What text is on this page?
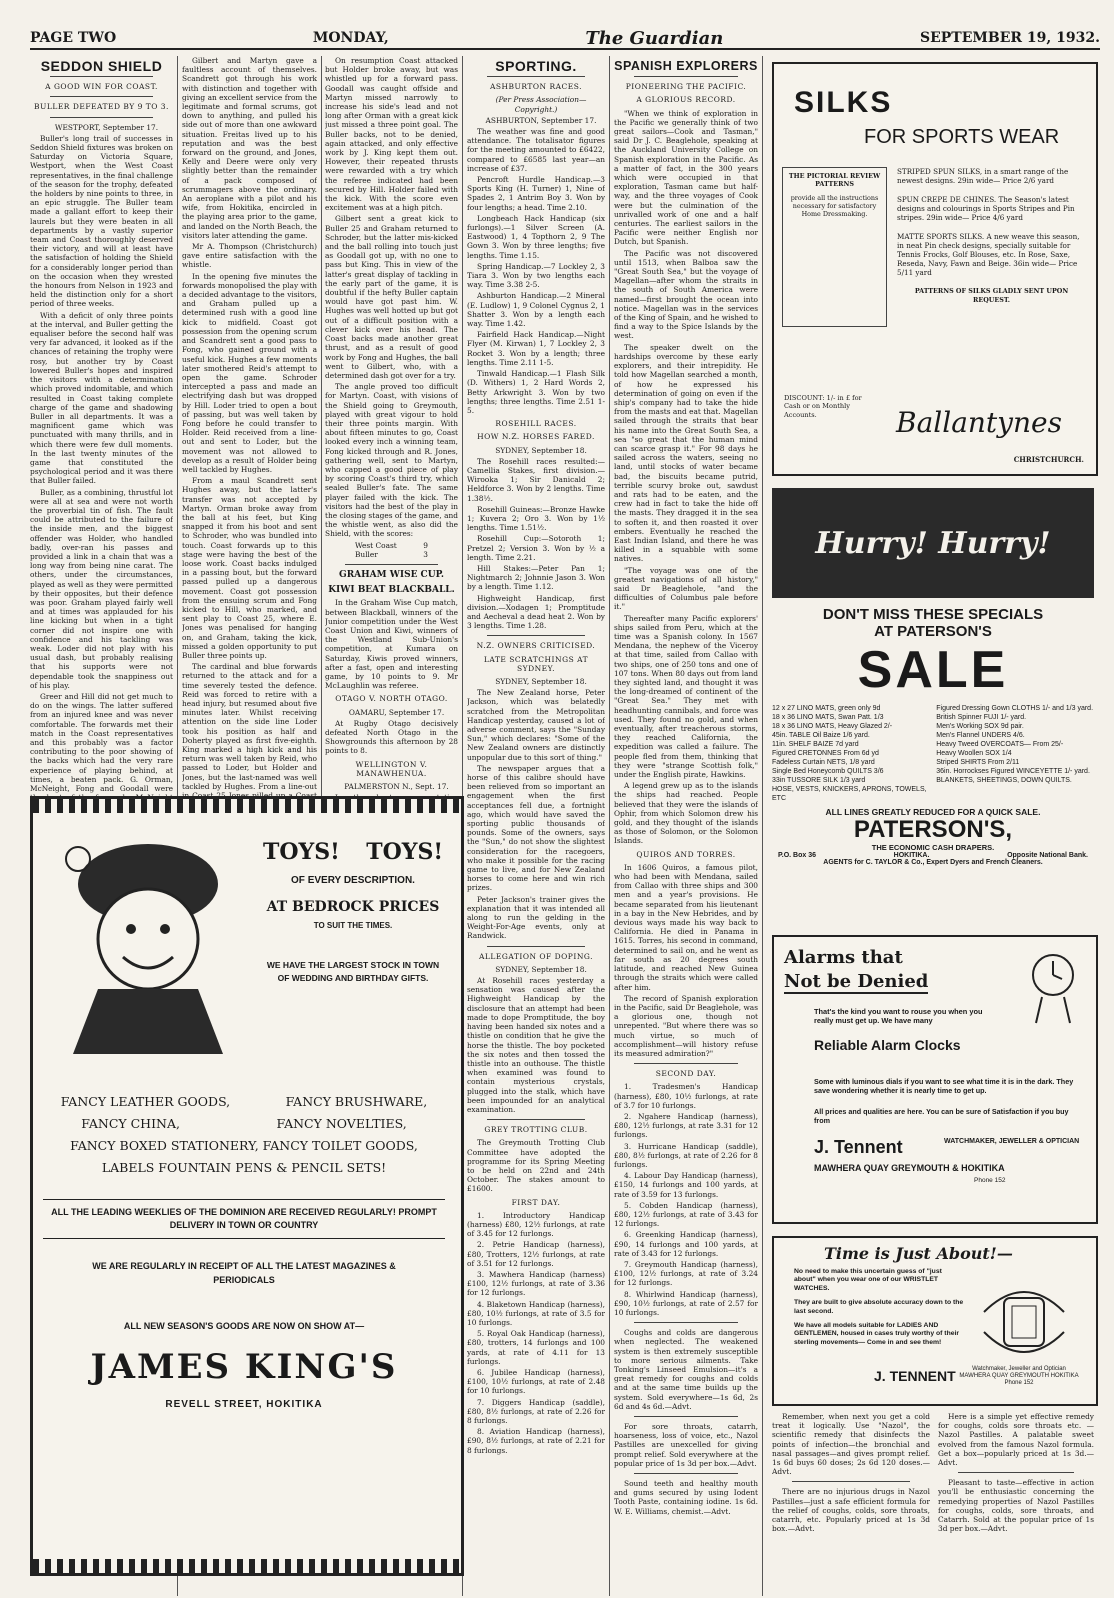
PAGE TWO	MONDAY,	The Guardian	SEPTEMBER 19, 1932.
SEDDON SHIELD
A GOOD WIN FOR COAST.
BULLER DEFEATED BY 9 TO 3.

WESTPORT, September 17.

Buller's long trail of successes in Seddon Shield fixtures was broken on Saturday on Victoria Square, Westport, when the West Coast representatives, in the final challenge of the season for the trophy, defeated the holders by nine points to three, in an epic struggle. The Buller team made a gallant effort to keep their laurels but they were beaten in all departments by a vastly superior team and Coast thoroughly deserved their victory, and will at least have the satisfaction of holding the Shield for a considerably longer period than on the occasion when they wrested the honours from Nelson in 1923 and held the distinction only for a short period of three weeks.

With a deficit of only three points at the interval, and Buller getting the equaliser before the second half was very far advanced, it looked as if the chances of retaining the trophy were rosy, but another try by Coast lowered Buller's hopes and inspired the visitors with a determination which proved indomitable, and which resulted in Coast taking complete charge of the game and shadowing Buller in all departments. It was a magnificent game which was punctuated with many thrills, and in which there were few dull moments. In the last twenty minutes of the game that constituted the psychological period and it was there that Buller failed.

Buller, as a combining, thrustful lot were all at sea and were not worth the proverbial tin of fish. The fault could be attributed to the failure of the inside men, and the biggest offender was Holder, who handled badly, over-ran his passes and provided a link in a chain that was a long way from being nine carat. The others, under the circumstances, played as well as they were permitted by their opposites, but their defence was poor. Graham played fairly well and at times was applauded for his line kicking but when in a tight corner did not inspire one with confidence and his tackling was weak. Loder did not play with his usual dash, but probably realising that his supports were not dependable took the snappiness out of his play.

Greer and Hill did not get much to do on the wings. The latter suffered from an injured knee and was never comfortable. The forwards met their match in the Coast representatives and this probably was a factor contributing to the poor showing of the backs which had the very rare experience of playing behind, at times, a beaten pack. G. Orman, McNeight, Fong and Goodall were

Gilbert and Martyn gave a faultless account of themselves. Scandrett got through his work with distinction and together with giving an excellent service from the legitimate and formal scrums, got down to anything, and pulled his side out of more than one awkward situation. Freitas lived up to his reputation and was the best forward on the ground, and Jones, Kelly and Deere were only very slightly better than the remainder of a pack composed of scrummagers above the ordinary. An aeroplane with a pilot and his wife, from Hokitika, encircled in the playing area prior to the game, and landed on the North Beach, the visitors later attending the game.

Mr A. Thompson (Christchurch) gave entire satisfaction with the whistle.

In the opening five minutes the forwards monopolised the play with a decided advantage to the visitors, and Graham pulled up a determined rush with a good line kick to midfield. Coast got possession from the opening scrum and Scandrett sent a good pass to Fong, who gained ground with a useful kick. Hughes a few moments later smothered Reid's attempt to open the game. Schroder intercepted a pass and made an electrifying dash but was dropped by Hill. Loder tried to open a bout of passing, but was well taken by Fong before he could transfer to Holder. Reid received from a line-out and sent to Loder, but the movement was not allowed to develop as a result of Holder being well tackled by Hughes.

From a maul Scandrett sent Hughes away, but the latter's transfer was not accepted by Martyn. Orman broke away from the ball at his feet, but King snapped it from his boot and sent to Schroder, who was bundled into touch. Coast forwards up to this stage were having the best of the loose work. Coast backs indulged in a passing bout, but the forward passed pulled up a dangerous movement. Coast got possession from the ensuing scrum and Fong kicked to Hill, who marked, and sent play to Coast 25, where E. Jones was penalised for hanging on, and Graham, taking the kick, missed a golden opportunity to put Buller three points up.

The cardinal and blue forwards returned to the attack and for a time severely tested the defence. Reid was forced to retire with a head injury, but resumed about five minutes later. Whilst receiving attention on the side line Loder took his position as half and Doherty played as first five-eighth. King marked a high kick and his return was well taken by Reid, who passed to Loder, but Holder and Jones, but the last-named was well tackled by Hughes. From a line-out

On resumption Coast attacked but Holder broke away, but was whistled up for a forward pass. Goodall was caught offside and Martyn missed narrowly to increase his side's lead and not long after Orman with a great kick just missed a three point goal. The Buller backs, not to be denied, again attacked, and only effective work by J. King kept them out. However, their repeated thrusts were rewarded with a try which the referee indicated had been secured by Hill. Holder failed with the kick. With the score even excitement was at a high pitch.

Gilbert sent a great kick to Buller 25 and Graham returned to Schroder, but the latter mis-kicked and the ball rolling into touch just as Goodall got up, with no one to pass but King. This in view of the latter's great display of tackling in the early part of the game, it is doubtful if the hefty Buller captain would have got past him. W. Hughes was well hotted up but got out of a difficult position with a clever kick over his head. The Coast backs made another great thrust, and as a result of good work by Fong and Hughes, the ball went to Gilbert, who, with a determined dash got over for a try.

The angle proved too difficult for Martyn. Coast, with visions of the Shield going to Greymouth, played with great vigour to hold their three points margin. With about fifteen minutes to go, Coast looked every inch a winning team, Fong kicked through and R. Jones, gathering well, sent to Martyn, who capped a good piece of play by scoring Coast's third try, which sealed Buller's fate. The same player failed with the kick. The visitors had the best of the play in the closing stages of the game, and the whistle went, as also did the Shield, with the scores:

West Coast	9
Buller	3
GRAHAM WISE CUP.
KIWI BEAT BLACKBALL.

In the Graham Wise Cup match, between Blackball, winners of the Junior competition under the West Coast Union and Kiwi, winners of the Westland Sub-Union's competition, at Kumara on Saturday, Kiwis proved winners, after a fast, open and interesting game, by 10 points to 9. Mr McLaughlin was referee.

OTAGO V. NORTH OTAGO.

OAMARU, September 17.

At Rugby Otago decisively defeated North Otago in the Showgrounds this afternoon by 28 points to 8.

WELLINGTON V. MANAWHENUA.

PALMERSTON N., Sept. 17.

SPORTING.
ASHBURTON RACES.

(Per Press Association—Copyright.)

ASHBURTON, September 17.

The weather was fine and good attendance. The totalisator figures for the meeting amounted to £6422, compared to £6585 last year—an increase of £37.

Pencroft Hurdle Handicap.—3 Sports King (H. Turner) 1, Nine of Spades 2, 1 Antrim Boy 3. Won by four lengths; a head. Time 2.10.

Longbeach Hack Handicap (six furlongs).—1 Silver Screen (A. Eastwood) 1, 4 Topthorn 2, 9 The Gown 3. Won by three lengths; five lengths. Time 1.15.

Spring Handicap.—7 Lockley 2, 3 Tiara 3. Won by two lengths each way. Time 3.38 2-5.

Ashburton Handicap.—2 Mineral (E. Ludlow) 1, 9 Colonel Cygnus 2, 1 Shatter 3. Won by a length each way. Time 1.42.

Fairfield Hack Handicap.—Night Flyer (M. Kirwan) 1, 7 Lockley 2, 3 Rocket 3. Won by a length; three lengths. Time 2.11 1-5.

Tinwald Handicap.—1 Flash Silk (D. Withers) 1, 2 Hard Words 2, Betty Arkwright 3. Won by two lengths; three lengths. Time 2.51 1-5.

ROSEHILL RACES.
HOW N.Z. HORSES FARED.

SYDNEY, September 18.

The Rosehill races resulted:— Camellia Stakes, first division.—Wirooka 1; Sir Danicald 2; Heldforce 3. Won by 2 lengths. Time 1.38½.

Rosehill Guineas:—Bronze Hawke 1; Kuvera 2; Oro 3. Won by 1½ lengths. Time 1.51½.

Rosehill Cup:—Sotoroth 1; Pretzel 2; Version 3. Won by ½ a length. Time 2.21.

Hill Stakes:—Peter Pan 1; Nightmarch 2; Johnnie Jason 3. Won by a length. Time 1.12.

Highweight Handicap, first division.—Xodagen 1; Promptitude and Aecheval a dead heat 2. Won by 3 lengths. Time 1.28.

N.Z. OWNERS CRITICISED.
LATE SCRATCHINGS AT SYDNEY.

SYDNEY, September 18.

The New Zealand horse, Peter Jackson, which was belatedly scratched from the Metropolitan Handicap yesterday, caused a lot of adverse comment, says the "Sunday Sun," which declares: "Some of the New Zealand owners are distinctly unpopular due to this sort of thing."

The newspaper argues that a horse of this calibre should have been relieved from so important an engagement when the first acceptances fell due, a fortnight ago, which would have saved the sporting public thousands of pounds. Some of the owners, says the "Sun," do not show the slightest consideration for the racegoers, who make it possible for the racing game to live, and for New Zealand horses to come here and win rich prizes.

Peter Jackson's trainer gives the explanation that it was intended all along to run the gelding in the Weight-For-Age events, only at Randwick.

ALLEGATION OF DOPING.

SYDNEY, September 18.

At Rosehill races yesterday a sensation was caused after the Highweight Handicap by the disclosure that an attempt had been made to dope Promptitude, the boy having been handed six notes and a thistle on condition that he give the horse the thistle. The boy pocketed the six notes and then tossed the thistle into an outhouse. The thistle when examined was found to contain mysterious crystals, plugged into the stalk, which have been impounded for an analytical examination.

GREY TROTTING CLUB.

The Greymouth Trotting Club Committee have adopted the programme for its Spring Meeting to be held on 22nd and 24th October. The stakes amount to £1600.

FIRST DAY.

1. Introductory Handicap (harness) £80, 12½ furlongs, at rate of 3.45 for 12 furlongs.

2. Petrie Handicap (harness), £80, Trotters, 12½ furlongs, at rate of 3.51 for 12 furlongs.

3. Mawhera Handicap (harness) £100, 12½ furlongs, at rate of 3.36 for 12 furlongs.

4. Blaketown Handicap (harness), £80, 10½ furlongs, at rate of 3.5 for 10 furlongs.

5. Royal Oak Handicap (harness), £80, trotters, 14 furlongs and 100 yards, at rate of 4.11 for 13 furlongs.

6. Jubilee Handicap (harness), £100, 10½ furlongs, at rate of 2.48 for 10 furlongs.

7. Diggers Handicap (saddle), £80, 8½ furlongs, at rate of 2.26 for 8 furlongs.

8. Aviation Handicap (harness), £90, 8½ furlongs, at rate of 2.21 for 8 furlongs.

SPANISH EXPLORERS
PIONEERING THE PACIFIC.
A GLORIOUS RECORD.

"When we think of exploration in the Pacific we generally think of two great sailors—Cook and Tasman," said Dr J. C. Beaglehole, speaking at the Auckland University College on Spanish exploration in the Pacific. As a matter of fact, in the 300 years which were occupied in that exploration, Tasman came but half-way, and the three voyages of Cook were but the culmination of the unrivalled work of one and a half centuries. The earliest sailors in the Pacific were neither English nor Dutch, but Spanish.

The Pacific was not discovered until 1513, when Balboa saw the "Great South Sea," but the voyage of Magellan—after whom the straits in the south of South America were named—first brought the ocean into notice. Magellan was in the services of the King of Spain, and he wished to find a way to the Spice Islands by the west.

The speaker dwelt on the hardships overcome by these early explorers, and their intrepidity. He told how Magellan searched a month, of how he expressed his determination of going on even if the ship's company had to take the hide from the masts and eat that. Magellan sailed through the straits that bear his name into the Great South Sea, a sea "so great that the human mind can scarce grasp it." For 98 days he sailed across the waters, seeing no land, until stocks of water became bad, the biscuits became putrid, terrible scurvy broke out, sawdust and rats had to be eaten, and the crew had in fact to take the hide off the masts. They dragged it in the sea to soften it, and then roasted it over embers. Eventually he reached the East Indian Island, and there he was killed in a squabble with some natives.

"The voyage was one of the greatest navigations of all history," said Dr Beaglehole, "and the difficulties of Columbus pale before it."

Thereafter many Pacific explorers' ships sailed from Peru, which at the time was a Spanish colony. In 1567 Mendana, the nephew of the Viceroy at that time, sailed from Callao with two ships, one of 250 tons and one of 107 tons. When 80 days out from land they sighted land, and thought it was the long-dreamed of continent of the "Great Sea." They met with headhunting cannibals, and force was used. They found no gold, and when eventually, after treacherous storms, they reached California, the expedition was called a failure. The people fled from them, thinking that they were "strange Scottish folk," under the English pirate, Hawkins.

A legend grew up as to the islands the ships had reached. People believed that they were the islands of Ophir, from which Solomon drew his gold, and they thought of the islands as those of Solomon, or the Solomon Islands.

QUIROS AND TORRES.

In 1606 Quiros, a famous pilot, who had been with Mendana, sailed from Callao with three ships and 300 men and a year's provisions. He became separated from his lieutenant in a bay in the New Hebrides, and by devious ways made his way back to California. He died in Panama in 1615. Torres, his second in command, determined to sail on, and he went as far south as 20 degrees south latitude, and reached New Guinea through the straits which were called after him.

The record of Spanish exploration in the Pacific, said Dr Beaglehole, was a glorious one, though not unrepented. "But where there was so much virtue, so much of accomplishment—will history refuse its measured admiration?"

SECOND DAY.

1. Tradesmen's Handicap (harness), £80, 10½ furlongs, at rate of 3.7 for 10 furlongs.

2. Ngahere Handicap (harness), £80, 12½ furlongs, at rate 3.31 for 12 furlongs.

3. Hurricane Handicap (saddle), £80, 8½ furlongs, at rate of 2.26 for 8 furlongs.

4. Labour Day Handicap (harness), £150, 14 furlongs and 100 yards, at rate of 3.59 for 13 furlongs.

5. Cobden Handicap (harness), £80, 12½ furlongs, at rate of 3.43 for 12 furlongs.

6. Greenking Handicap (harness), £90, 14 furlongs and 100 yards, at rate of 3.43 for 12 furlongs.

7. Greymouth Handicap (harness), £100, 12½ furlongs, at rate of 3.24 for 12 furlongs.

8. Whirlwind Handicap (harness), £90, 10½ furlongs, at rate of 2.57 for 10 furlongs.

Coughs and colds are dangerous when neglected. The weakened system is then extremely susceptible to more serious ailments. Take Tonking's Linseed Emulsion—it's a great remedy for coughs and colds and at the same time builds up the system. Sold everywhere—1s 6d, 2s 6d and 4s 6d.—Advt.

For sore throats, catarrh, hoarseness, loss of voice, etc., Nazol Pastilles are unexcelled for giving prompt relief. Sold everywhere at the popular price of 1s 3d per box.—Advt.

Sound teeth and healthy mouth and gums secured by using Iodent Tooth Paste, containing iodine. 1s 6d. W. E. Williams, chemist.—Advt.

SILKS
FOR SPORTS WEAR
THE PICTORIAL REVIEW PATTERNS
provide all the instructions necessary for satisfactory Home Dressmaking.

STRIPED SPUN SILKS, in a smart range of the newest designs. 29in wide— Price 2/6 yard

SPUN CREPE DE CHINES. The Season's latest designs and colourings in Sports Stripes and Pin stripes. 29in wide— Price 4/6 yard

MATTE SPORTS SILKS. A new weave this season, in neat Pin check designs, specially suitable for Tennis Frocks, Golf Blouses, etc. In Rose, Saxe, Reseda, Navy, Fawn and Beige. 36in wide— Price 5/11 yard

PATTERNS OF SILKS GLADLY SENT UPON REQUEST.

DISCOUNT: 1/- in £ for Cash or on Monthly Accounts.	Ballantynes
CHRISTCHURCH.
Hurry! Hurry!
DON'T MISS THESE SPECIALS
AT PATERSON'S
SALE
12 x 27 LINO MATS, green only 9d
18 x 36 LINO MATS, Swan Patt. 1/3
18 x 36 LINO MATS, Heavy Glazed 2/-
45in. TABLE Oil Baize 1/6 yard.
11in. SHELF BAIZE 7d yard
Figured CRETONNES From 6d yd
Fadeless Curtain NETS, 1/8 yard
Single Bed Honeycomb QUILTS 3/6
33in TUSSORE SILK 1/3 yard
HOSE, VESTS, KNICKERS, APRONS, TOWELS, ETC
Figured Dressing Gown CLOTHS 1/- and 1/3 yard.
British Spinner FUJI 1/- yard.
Men's Working SOX 9d pair.
Men's Flannel UNDERS 4/6.
Heavy Tweed OVERCOATS— From 25/-
Heavy Woollen SOX 1/4
Striped SHIRTS From 2/11
36in. Horrockses Figured WINCEYETTE 1/- yard.
BLANKETS, SHEETINGS, DOWN QUILTS.
ALL LINES GREATLY REDUCED FOR A QUICK SALE.
PATERSON'S,
THE ECONOMIC CASH DRAPERS.
P.O. Box 36	HOKITIKA.	Opposite National Bank.
AGENTS for C. TAYLOR & Co., Expert Dyers and French Cleaners.
Alarms that
Not be Denied
That's the kind you want to rouse you when you really must get up. We have many
Reliable Alarm Clocks
Some with luminous dials if you want to see what time it is in the dark. They save wondering whether it is nearly time to get up.
All prices and qualities are here. You can be sure of Satisfaction if you buy from
J. Tennent	WATCHMAKER, JEWELLER & OPTICIAN
MAWHERA QUAY GREYMOUTH & HOKITIKA
Phone 152
Time is Just About!—
No need to make this uncertain guess of "just about" when you wear one of our WRISTLET WATCHES.
They are built to give absolute accuracy down to the last second.
We have all models suitable for LADIES AND GENTLEMEN, housed in cases truly worthy of their sterling movements— Come in and see them!
J. TENNENT	Watchmaker, Jeweller and Optician
MAWHERA QUAY GREYMOUTH HOKITIKA
Phone 152

Remember, when next you get a cold treat it logically. Use "Nazol", the scientific remedy that disinfects the points of infection—the bronchial and nasal passages—and gives prompt relief. 1s 6d buys 60 doses; 2s 6d 120 doses.—Advt.

There are no injurious drugs in Nazol Pastilles—just a safe efficient formula for the relief of coughs, colds, sore throats, catarrh, etc. Popularly priced at 1s 3d box.—Advt.

Here is a simple yet effective remedy for coughs, colds sore throats etc. —Nazol Pastilles. A palatable sweet evolved from the famous Nazol formula. Get a box—popularly priced at 1s 3d.—Advt.

Pleasant to taste—effective in action you'll be enthusiastic concerning the remedying properties of Nazol Pastilles for coughs, colds, sore throats, and Catarrh. Sold at the popular price of 1s 3d per box.—Advt.

TOYS! TOYS!
OF EVERY DESCRIPTION.
AT BEDROCK PRICES
TO SUIT THE TIMES.
WE HAVE THE LARGEST STOCK IN TOWN OF WEDDING AND BIRTHDAY GIFTS.
FANCY LEATHER GOODS,	FANCY BRUSHWARE,
FANCY CHINA,	FANCY NOVELTIES,
FANCY BOXED STATIONERY, FANCY TOILET GOODS,
LABELS FOUNTAIN PENS & PENCIL SETS!
ALL THE LEADING WEEKLIES OF THE DOMINION ARE RECEIVED REGULARLY! PROMPT DELIVERY IN TOWN OR COUNTRY
WE ARE REGULARLY IN RECEIPT OF ALL THE LATEST MAGAZINES & PERIODICALS
ALL NEW SEASON'S GOODS ARE NOW ON SHOW AT—
JAMES KING'S
REVELL STREET, HOKITIKA
